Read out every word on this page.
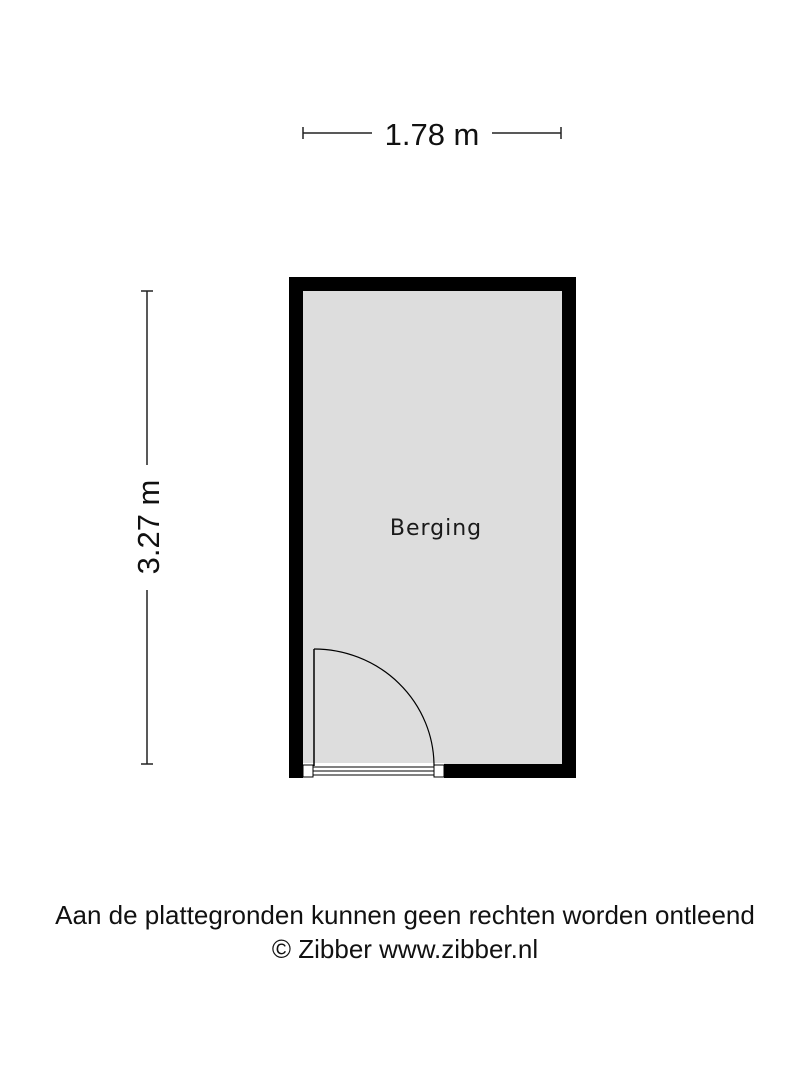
1.78 m
3.27 m	Berging
Aan de plattegronden kunnen geen rechten worden ontleend
© Zibber www.zibber.nl
